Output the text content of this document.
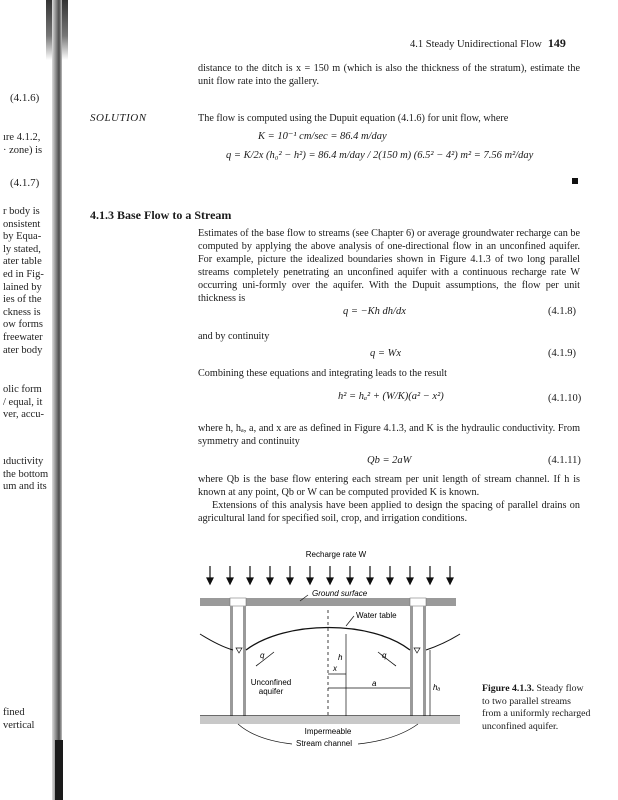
(4.1.6)
(4.1.7)
ıre 4.1.2,
· zone) is
r body is
onsistent
by Equa-
ly stated,
ater table
ed in Fig-
lained by
ies of the
ckness is
ow forms
freewater
ater body
olic form
/ equal, it
ver, accu-
ıductivity
the bottom
um and its
fined
vertical
4.1 Steady Unidirectional Flow 149
distance to the ditch is x = 150 m (which is also the thickness of the stratum), estimate the unit flow rate into the gallery.
SOLUTION	The flow is computed using the Dupuit equation (4.1.6) for unit flow, where
K = 10⁻¹ cm/sec = 86.4 m/day
q = K/2x (h₀² − h²) = 86.4 m/day / 2(150 m) (6.5² − 4²) m² = 7.56 m²/day
4.1.3 Base Flow to a Stream
Estimates of the base flow to streams (see Chapter 6) or average groundwater recharge can be computed by applying the above analysis of one-directional flow in an unconfined aquifer. For example, picture the idealized boundaries shown in Figure 4.1.3 of two long parallel streams completely penetrating an unconfined aquifer with a continuous recharge rate W occurring uni-formly over the aquifer. With the Dupuit assumptions, the flow per unit thickness is
q = −Kh dh/dx	(4.1.8)
and by continuity
q = Wx	(4.1.9)
Combining these equations and integrating leads to the result
h² = hₐ² + (W/K)(a² − x²)	(4.1.10)
where h, hₐ, a, and x are as defined in Figure 4.1.3, and K is the hydraulic conductivity. From symmetry and continuity
Qb = 2aW	(4.1.11)
where Qb is the base flow entering each stream per unit length of stream channel. If h is known at any point, Qb or W can be computed provided K is known.
Extensions of this analysis have been applied to design the spacing of parallel drains on agricultural land for specified soil, crop, and irrigation conditions.
Recharge rate W
Ground surface
Water table
q	q
h
x
a	hₐ
Unconfined
aquifer
Impermeable
Stream channel
Figure 4.1.3. Steady flow to two parallel streams from a uniformly recharged unconfined aquifer.
